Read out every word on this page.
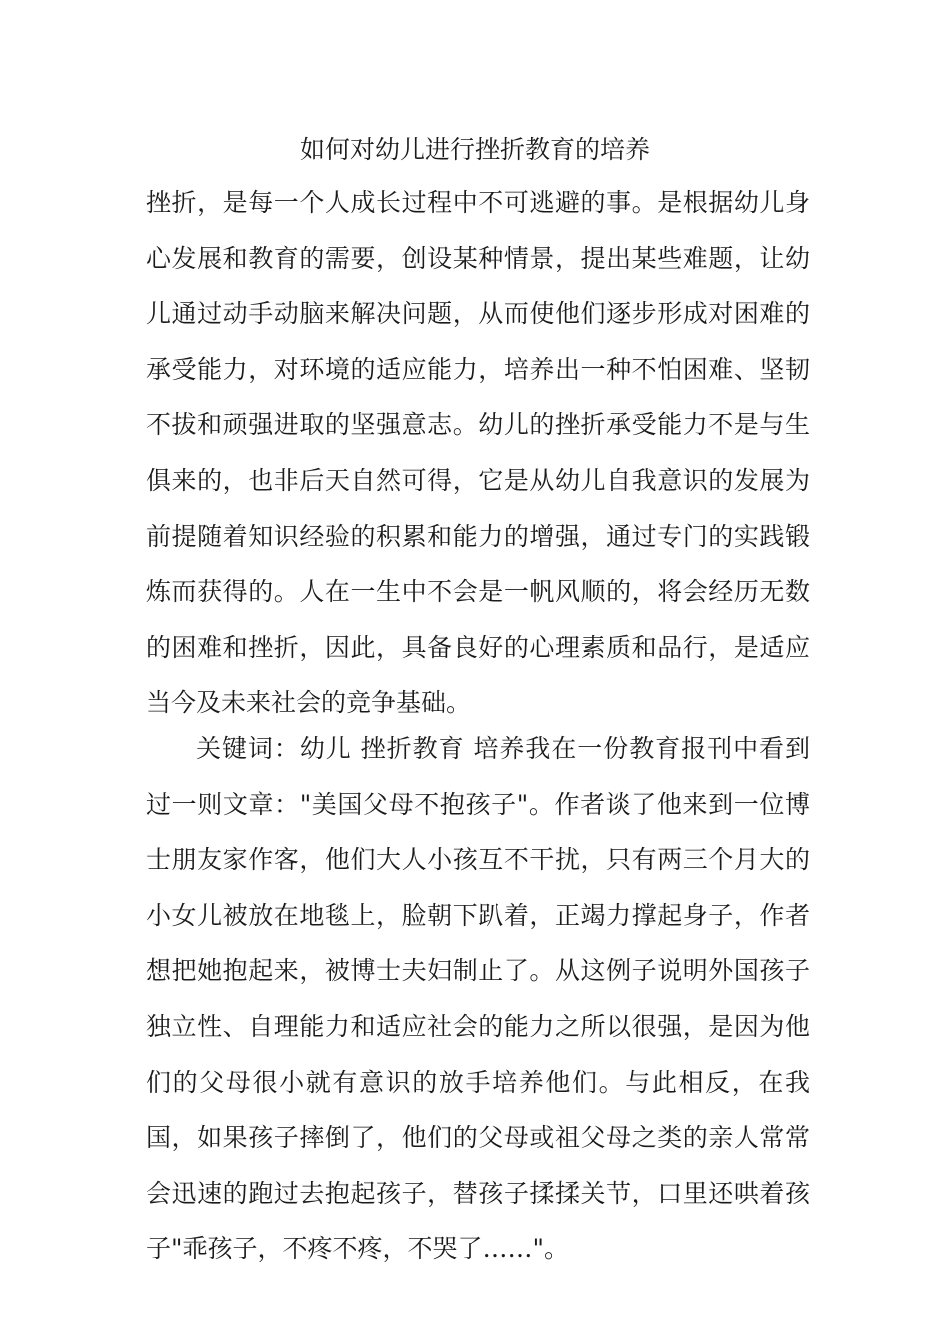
如何对幼儿进行挫折教育的培养

挫折，是每一个人成长过程中不可逃避的事。是根据幼儿身心发展和教育的需要，创设某种情景，提出某些难题，让幼儿通过动手动脑来解决问题，从而使他们逐步形成对困难的承受能力，对环境的适应能力，培养出一种不怕困难、坚韧不拔和顽强进取的坚强意志。幼儿的挫折承受能力不是与生俱来的，也非后天自然可得，它是从幼儿自我意识的发展为前提随着知识经验的积累和能力的增强，通过专门的实践锻炼而获得的。人在一生中不会是一帆风顺的，将会经历无数的困难和挫折，因此，具备良好的心理素质和品行，是适应当今及未来社会的竞争基础。

关键词：幼儿 挫折教育 培养我在一份教育报刊中看到过一则文章："美国父母不抱孩子"。作者谈了他来到一位博士朋友家作客，他们大人小孩互不干扰，只有两三个月大的小女儿被放在地毯上，脸朝下趴着，正竭力撑起身子，作者想把她抱起来，被博士夫妇制止了。从这例子说明外国孩子独立性、自理能力和适应社会的能力之所以很强，是因为他们的父母很小就有意识的放手培养他们。与此相反，在我国，如果孩子摔倒了，他们的父母或祖父母之类的亲人常常会迅速的跑过去抱起孩子，替孩子揉揉关节，口里还哄着孩子"乖孩子，不疼不疼，不哭了……"。
